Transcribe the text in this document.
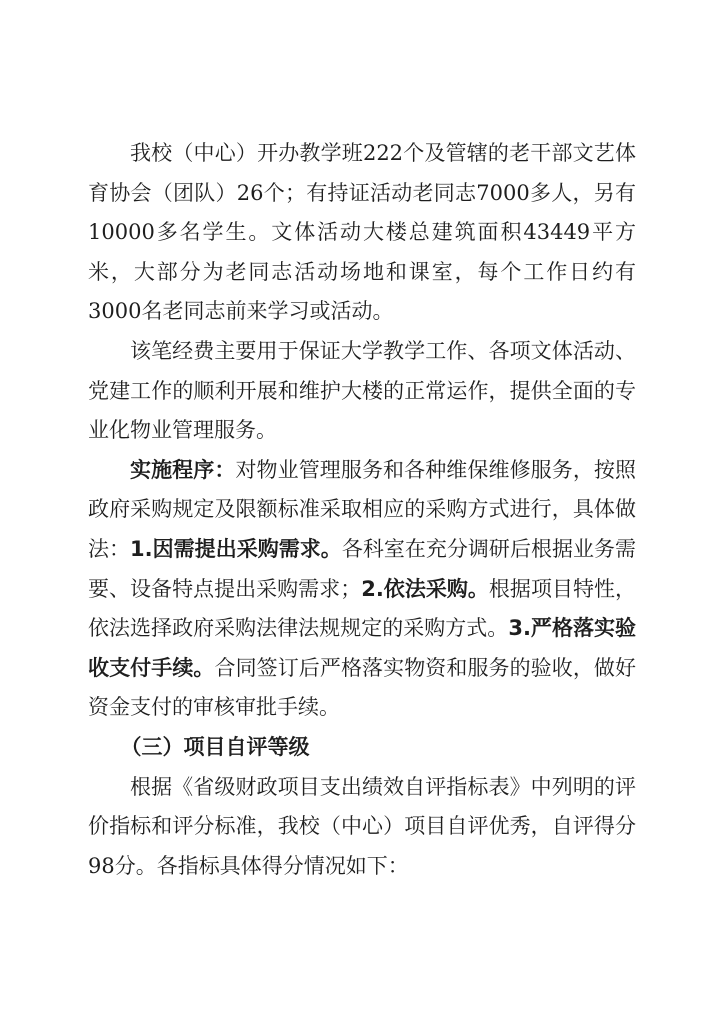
我校（中心）开办教学班222个及管辖的老干部文艺体育协会（团队）26个；有持证活动老同志7000多人，另有10000多名学生。文体活动大楼总建筑面积43449平方米，大部分为老同志活动场地和课室，每个工作日约有3000名老同志前来学习或活动。

该笔经费主要用于保证大学教学工作、各项文体活动、党建工作的顺利开展和维护大楼的正常运作，提供全面的专业化物业管理服务。

实施程序：对物业管理服务和各种维保维修服务，按照政府采购规定及限额标准采取相应的采购方式进行，具体做法：1.因需提出采购需求。各科室在充分调研后根据业务需要、设备特点提出采购需求；2.依法采购。根据项目特性，依法选择政府采购法律法规规定的采购方式。3.严格落实验收支付手续。合同签订后严格落实物资和服务的验收，做好资金支付的审核审批手续。

（三）项目自评等级

根据《省级财政项目支出绩效自评指标表》中列明的评价指标和评分标准，我校（中心）项目自评优秀，自评得分98分。各指标具体得分情况如下：
